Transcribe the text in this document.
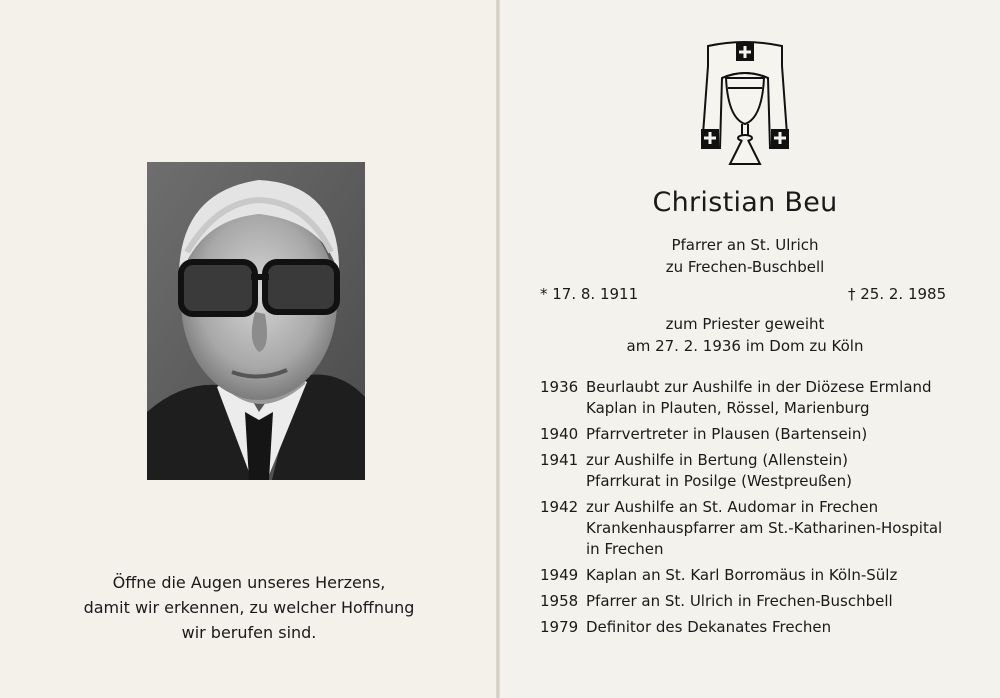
Öffne die Augen unseres Herzens,
damit wir erkennen, zu welcher Hoffnung
wir berufen sind.
Christian Beu
Pfarrer an St. Ulrich
zu Frechen-Buschbell
* 17. 8. 1911	† 25. 2. 1985
zum Priester geweiht
am 27. 2. 1936 im Dom zu Köln
1936 Beurlaubt zur Aushilfe in der Diözese Ermland
Kaplan in Plauten, Rössel, Marienburg
1940 Pfarrvertreter in Plausen (Bartensein)
1941 zur Aushilfe in Bertung (Allenstein)
Pfarrkurat in Posilge (Westpreußen)
1942 zur Aushilfe an St. Audomar in Frechen
Krankenhauspfarrer am St.-Katharinen-Hospital
in Frechen
1949 Kaplan an St. Karl Borromäus in Köln-Sülz
1958 Pfarrer an St. Ulrich in Frechen-Buschbell
1979 Definitor des Dekanates Frechen
